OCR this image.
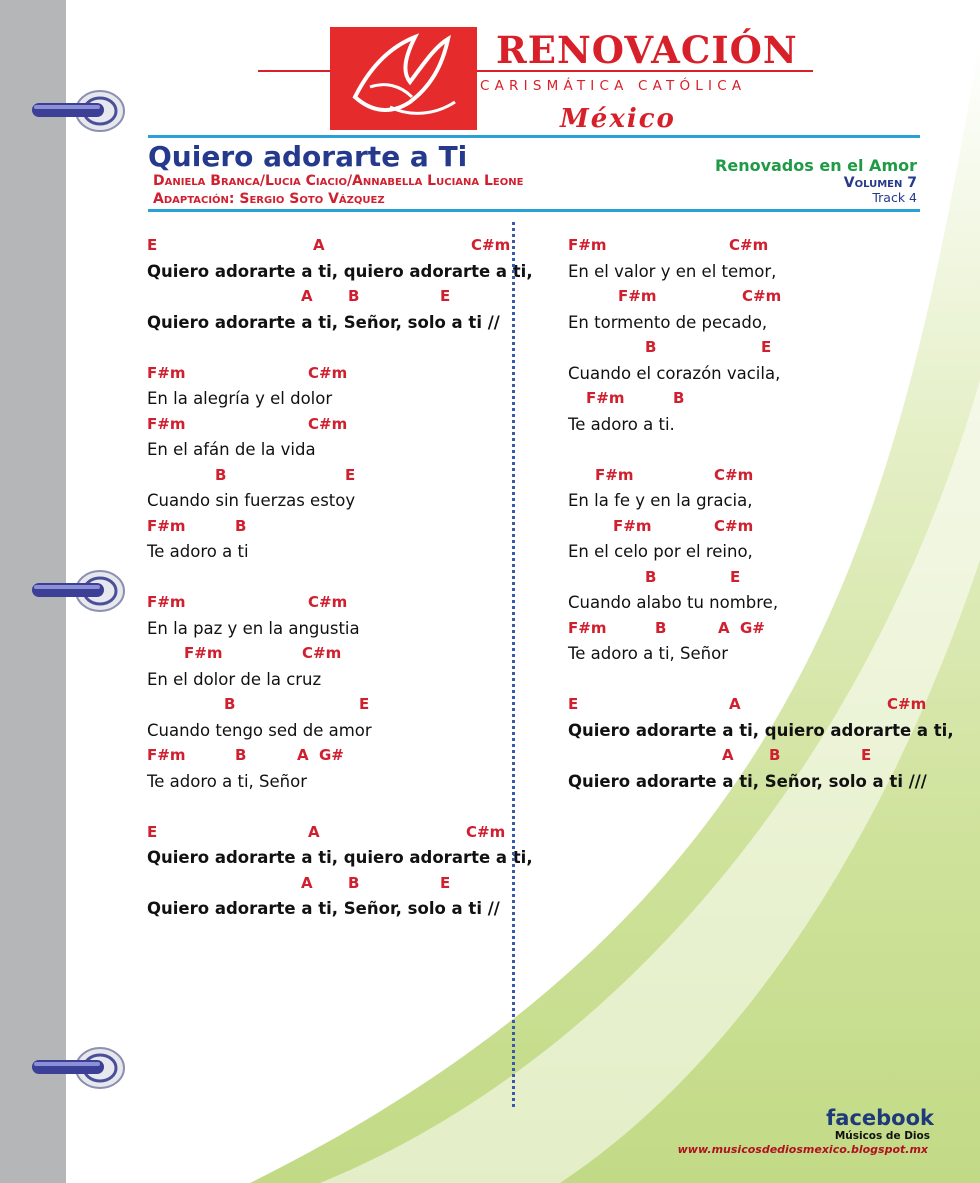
RENOVACIÓN
CARISMÁTICA CATÓLICA
México
Quiero adorarte a Ti
Daniela Branca/Lucia Ciacio/Annabella Luciana Leone
Adaptación: Sergio Soto Vázquez
Renovados en el Amor
Volumen 7
Track 4
E	A	C#m
Quiero adorarte a ti, quiero adorarte a ti,
A B	E
Quiero adorarte a ti, Señor, solo a ti //
F#m	C#m
En la alegría y el dolor
F#m	C#m
En el afán de la vida
B	E
Cuando sin fuerzas estoy
F#m	B
Te adoro a ti
F#m	C#m
En la paz y en la angustia
F#m	C#m
En el dolor de la cruz
B	E
Cuando tengo sed de amor
F#m	B	A G#
Te adoro a ti, Señor
E	A	C#m
Quiero adorarte a ti, quiero adorarte a ti,
A B	E
Quiero adorarte a ti, Señor, solo a ti //
F#m	C#m
En el valor y en el temor,
F#m	C#m
En tormento de pecado,
B	E
Cuando el corazón vacila,
F#m	B
Te adoro a ti.
F#m	C#m
En la fe y en la gracia,
F#m	C#m
En el celo por el reino,
B	E
Cuando alabo tu nombre,
F#m	B	A G#
Te adoro a ti, Señor
E	A	C#m
Quiero adorarte a ti, quiero adorarte a ti,
A B	E
Quiero adorarte a ti, Señor, solo a ti ///
facebook
Músicos de Dios
www.musicosdediosmexico.blogspot.mx
